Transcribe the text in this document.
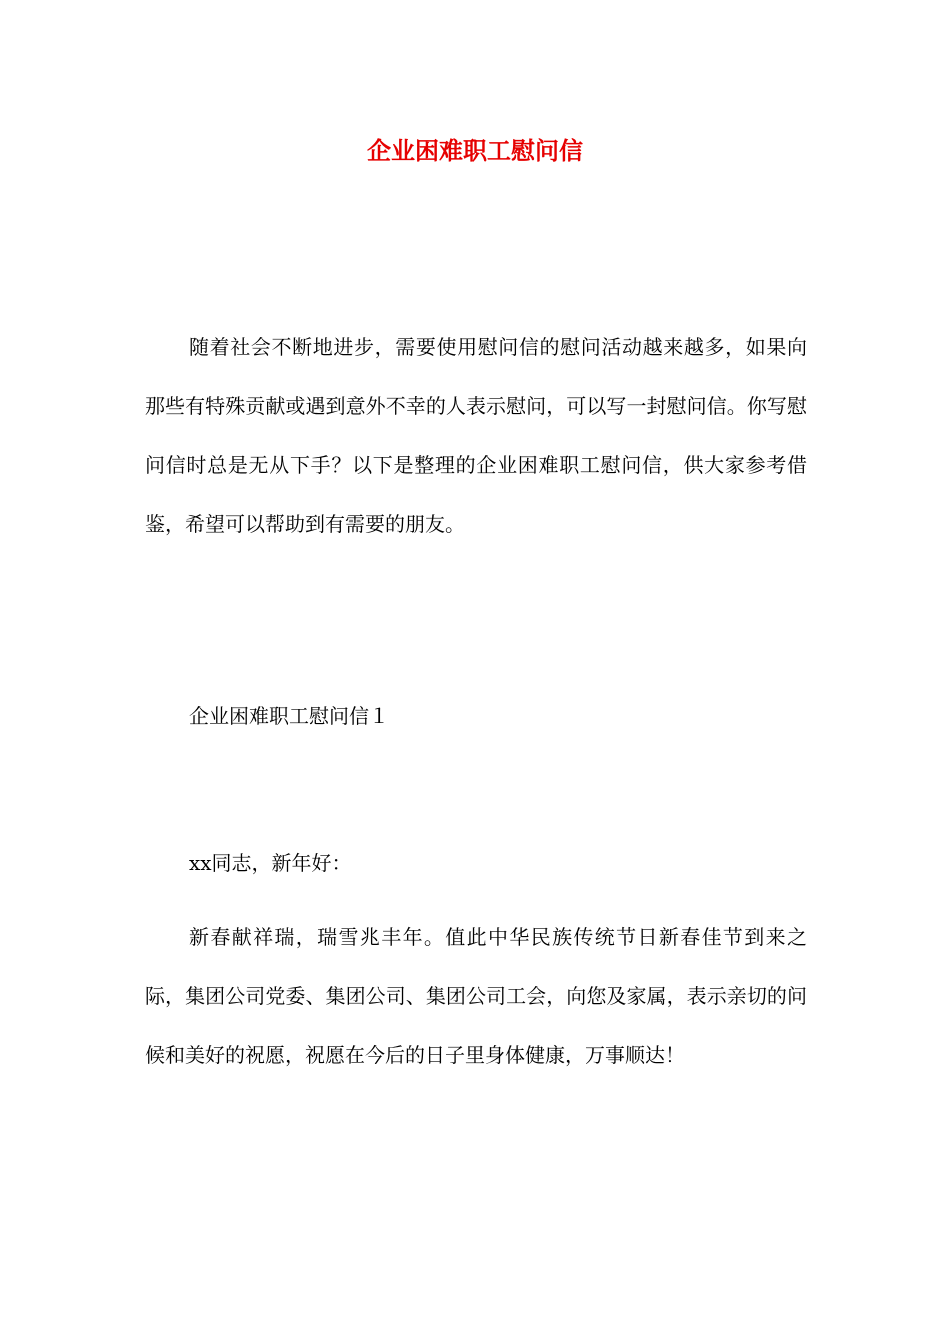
企业困难职工慰问信

随着社会不断地进步，需要使用慰问信的慰问活动越来越多，如果向那些有特殊贡献或遇到意外不幸的人表示慰问，可以写一封慰问信。你写慰问信时总是无从下手？以下是整理的企业困难职工慰问信，供大家参考借鉴，希望可以帮助到有需要的朋友。

企业困难职工慰问信１

xx同志，新年好：

新春献祥瑞，瑞雪兆丰年。值此中华民族传统节日新春佳节到来之际，集团公司党委、集团公司、集团公司工会，向您及家属，表示亲切的问候和美好的祝愿，祝愿在今后的日子里身体健康，万事顺达！
